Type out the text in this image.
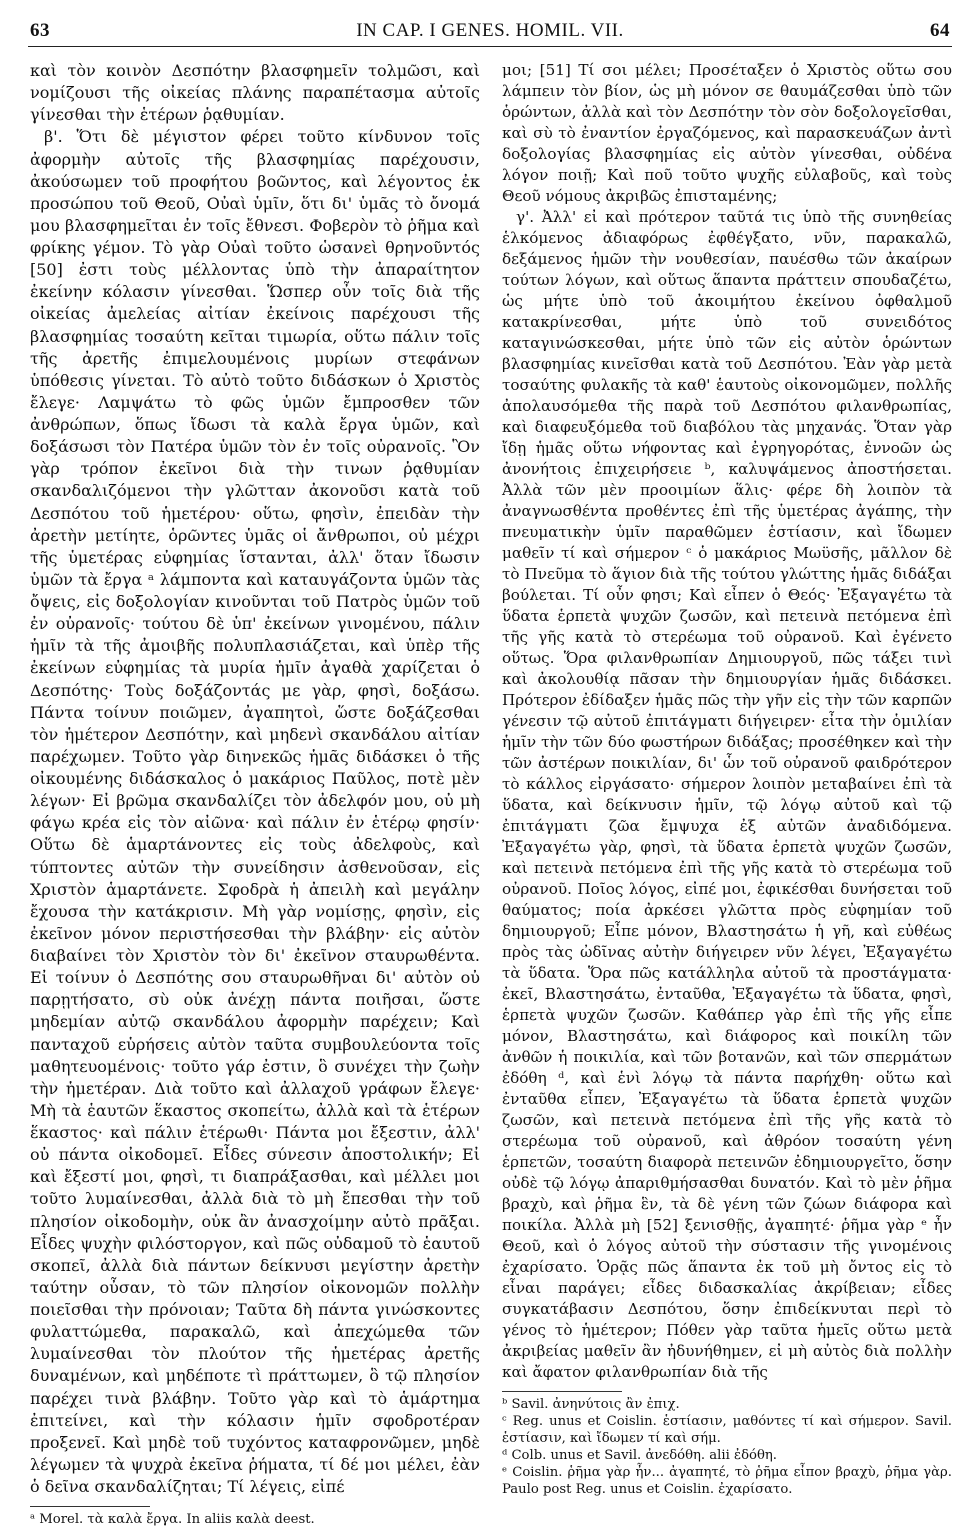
63	IN CAP. I GENES. HOMIL. VII.	64

καὶ τὸν κοινὸν Δεσπότην βλασφημεῖν τολμῶσι, καὶ νομίζουσι τῆς οἰκείας πλάνης παραπέτασμα αὐτοῖς γίνεσθαι τὴν ἑτέρων ῥᾳθυμίαν.

β'. Ὅτι δὲ μέγιστον φέρει τοῦτο κίνδυνον τοῖς ἀφορμὴν αὐτοῖς τῆς βλασφημίας παρέχουσιν, ἀκούσωμεν τοῦ προφήτου βοῶντος, καὶ λέγοντος ἐκ προσώπου τοῦ Θεοῦ, Οὐαὶ ὑμῖν, ὅτι δι' ὑμᾶς τὸ ὄνομά μου βλασφημεῖται ἐν τοῖς ἔθνεσι. Φοβερὸν τὸ ῥῆμα καὶ φρίκης γέμον. Τὸ γὰρ Οὐαὶ τοῦτο ὡσανεὶ θρηνοῦντός [50] ἐστι τοὺς μέλλοντας ὑπὸ τὴν ἀπαραίτητον ἐκείνην κόλασιν γίνεσθαι. Ὥσπερ οὖν τοῖς διὰ τῆς οἰκείας ἀμελείας αἰτίαν ἐκείνοις παρέχουσι τῆς βλασφημίας τοσαύτη κεῖται τιμωρία, οὕτω πάλιν τοῖς τῆς ἀρετῆς ἐπιμελουμένοις μυρίων στεφάνων ὑπόθεσις γίνεται. Τὸ αὐτὸ τοῦτο διδάσκων ὁ Χριστὸς ἔλεγε· Λαμψάτω τὸ φῶς ὑμῶν ἔμπροσθεν τῶν ἀνθρώπων, ὅπως ἴδωσι τὰ καλὰ ἔργα ὑμῶν, καὶ δοξάσωσι τὸν Πατέρα ὑμῶν τὸν ἐν τοῖς οὐρανοῖς. Ὃν γὰρ τρόπον ἐκεῖνοι διὰ τὴν τινων ῥᾳθυμίαν σκανδαλιζόμενοι τὴν γλῶτταν ἀκονοῦσι κατὰ τοῦ Δεσπότου τοῦ ἡμετέρου· οὕτω, φησὶν, ἐπειδὰν τὴν ἀρετὴν μετίητε, ὁρῶντες ὑμᾶς οἱ ἄνθρωποι, οὐ μέχρι τῆς ὑμετέρας εὐφημίας ἵστανται, ἀλλ' ὅταν ἴδωσιν ὑμῶν τὰ ἔργα ᵃ λάμποντα καὶ καταυγάζοντα ὑμῶν τὰς ὄψεις, εἰς δοξολογίαν κινοῦνται τοῦ Πατρὸς ὑμῶν τοῦ ἐν οὐρανοῖς· τούτου δὲ ὑπ' ἐκείνων γινομένου, πάλιν ἡμῖν τὰ τῆς ἀμοιβῆς πολυπλασιάζεται, καὶ ὑπὲρ τῆς ἐκείνων εὐφημίας τὰ μυρία ἡμῖν ἀγαθὰ χαρίζεται ὁ Δεσπότης· Τοὺς δοξάζοντάς με γὰρ, φησὶ, δοξάσω. Πάντα τοίνυν ποιῶμεν, ἀγαπητοὶ, ὥστε δοξάζεσθαι τὸν ἡμέτερον Δεσπότην, καὶ μηδενὶ σκανδάλου αἰτίαν παρέχωμεν. Τοῦτο γὰρ διηνεκῶς ἡμᾶς διδάσκει ὁ τῆς οἰκουμένης διδάσκαλος ὁ μακάριος Παῦλος, ποτὲ μὲν λέγων· Εἰ βρῶμα σκανδαλίζει τὸν ἀδελφόν μου, οὐ μὴ φάγω κρέα εἰς τὸν αἰῶνα· καὶ πάλιν ἐν ἑτέρῳ φησίν· Οὕτω δὲ ἁμαρτάνοντες εἰς τοὺς ἀδελφοὺς, καὶ τύπτοντες αὐτῶν τὴν συνείδησιν ἀσθενοῦσαν, εἰς Χριστὸν ἁμαρτάνετε. Σφοδρὰ ἡ ἀπειλὴ καὶ μεγάλην ἔχουσα τὴν κατάκρισιν. Μὴ γὰρ νομίσῃς, φησὶν, εἰς ἐκεῖνον μόνον περιστήσεσθαι τὴν βλάβην· εἰς αὐτὸν διαβαίνει τὸν Χριστὸν τὸν δι' ἐκεῖνον σταυρωθέντα. Εἰ τοίνυν ὁ Δεσπότης σου σταυρωθῆναι δι' αὐτὸν οὐ παρῃτήσατο, σὺ οὐκ ἀνέχῃ πάντα ποιῆσαι, ὥστε μηδεμίαν αὐτῷ σκανδάλου ἀφορμὴν παρέχειν; Καὶ πανταχοῦ εὑρήσεις αὐτὸν ταῦτα συμβουλεύοντα τοῖς μαθητευομένοις· τοῦτο γάρ ἐστιν, ὃ συνέχει τὴν ζωὴν τὴν ἡμετέραν. Διὰ τοῦτο καὶ ἀλλαχοῦ γράφων ἔλεγε· Μὴ τὰ ἑαυτῶν ἕκαστος σκοπείτω, ἀλλὰ καὶ τὰ ἑτέρων ἕκαστος· καὶ πάλιν ἑτέρωθι· Πάντα μοι ἔξεστιν, ἀλλ' οὐ πάντα οἰκοδομεῖ. Εἶδες σύνεσιν ἀποστολικήν; Εἰ καὶ ἔξεστί μοι, φησὶ, τι διαπράξασθαι, καὶ μέλλει μοι τοῦτο λυμαίνεσθαι, ἀλλὰ διὰ τὸ μὴ ἔπεσθαι τὴν τοῦ πλησίον οἰκοδομὴν, οὐκ ἂν ἀνασχοίμην αὐτὸ πρᾶξαι. Εἶδες ψυχὴν φιλόστοργον, καὶ πῶς οὐδαμοῦ τὸ ἑαυτοῦ σκοπεῖ, ἀλλὰ διὰ πάντων δείκνυσι μεγίστην ἀρετὴν ταύτην οὖσαν, τὸ τῶν πλησίον οἰκονομῶν πολλὴν ποιεῖσθαι τὴν πρόνοιαν; Ταῦτα δὴ πάντα γινώσκοντες φυλαττώμεθα, παρακαλῶ, καὶ ἀπεχώμεθα τῶν λυμαίνεσθαι τὸν πλούτον τῆς ἡμετέρας ἀρετῆς δυναμένων, καὶ μηδέποτε τὶ πράττωμεν, ὃ τῷ πλησίον παρέχει τινὰ βλάβην. Τοῦτο γὰρ καὶ τὸ ἁμάρτημα ἐπιτείνει, καὶ τὴν κόλασιν ἡμῖν σφοδροτέραν προξενεῖ. Καὶ μηδὲ τοῦ τυχόντος καταφρονῶμεν, μηδὲ λέγωμεν τὰ ψυχρὰ ἐκεῖνα ῥήματα, τί δέ μοι μέλει, ἐὰν ὁ δεῖνα σκανδαλίζηται; Τί λέγεις, εἰπέ

ᵃ Morel. τὰ καλὰ ἔργα. In aliis καλὰ deest.

μοι; [51] Τί σοι μέλει; Προσέταξεν ὁ Χριστὸς οὕτω σου λάμπειν τὸν βίον, ὡς μὴ μόνον σε θαυμάζεσθαι ὑπὸ τῶν ὁρώντων, ἀλλὰ καὶ τὸν Δεσπότην τὸν σὸν δοξολογεῖσθαι, καὶ σὺ τὸ ἐναντίον ἐργαζόμενος, καὶ παρασκευάζων ἀντὶ δοξολογίας βλασφημίας εἰς αὐτὸν γίνεσθαι, οὐδένα λόγον ποιῇ; Καὶ ποῦ τοῦτο ψυχῆς εὐλαβοῦς, καὶ τοὺς Θεοῦ νόμους ἀκριβῶς ἐπισταμένης;

γ'. Ἀλλ' εἰ καὶ πρότερον ταῦτά τις ὑπὸ τῆς συνηθείας ἑλκόμενος ἀδιαφόρως ἐφθέγξατο, νῦν, παρακαλῶ, δεξάμενος ἡμῶν τὴν νουθεσίαν, παυέσθω τῶν ἀκαίρων τούτων λόγων, καὶ οὕτως ἅπαντα πράττειν σπουδαζέτω, ὡς μήτε ὑπὸ τοῦ ἀκοιμήτου ἐκείνου ὀφθαλμοῦ κατακρίνεσθαι, μήτε ὑπὸ τοῦ συνειδότος καταγινώσκεσθαι, μήτε ὑπὸ τῶν εἰς αὐτὸν ὁρώντων βλασφημίας κινεῖσθαι κατὰ τοῦ Δεσπότου. Ἐὰν γὰρ μετὰ τοσαύτης φυλακῆς τὰ καθ' ἑαυτοὺς οἰκονομῶμεν, πολλῆς ἀπολαυσόμεθα τῆς παρὰ τοῦ Δεσπότου φιλανθρωπίας, καὶ διαφευξόμεθα τοῦ διαβόλου τὰς μηχανάς. Ὅταν γὰρ ἴδῃ ἡμᾶς οὕτω νήφοντας καὶ ἐγρηγορότας, ἐννοῶν ὡς ἀνονήτοις ἐπιχειρήσειε ᵇ, καλυψάμενος ἀποστήσεται. Ἀλλὰ τῶν μὲν προοιμίων ἅλις· φέρε δὴ λοιπὸν τὰ ἀναγνωσθέντα προθέντες ἐπὶ τῆς ὑμετέρας ἀγάπης, τὴν πνευματικὴν ὑμῖν παραθῶμεν ἑστίασιν, καὶ ἴδωμεν μαθεῖν τί καὶ σήμερον ᶜ ὁ μακάριος Μωϋσῆς, μᾶλλον δὲ τὸ Πνεῦμα τὸ ἅγιον διὰ τῆς τούτου γλώττης ἡμᾶς διδάξαι βούλεται. Τί οὖν φησι; Καὶ εἶπεν ὁ Θεός· Ἐξαγαγέτω τὰ ὕδατα ἑρπετὰ ψυχῶν ζωσῶν, καὶ πετεινὰ πετόμενα ἐπὶ τῆς γῆς κατὰ τὸ στερέωμα τοῦ οὐρανοῦ. Καὶ ἐγένετο οὕτως. Ὅρα φιλανθρωπίαν Δημιουργοῦ, πῶς τάξει τινὶ καὶ ἀκολουθίᾳ πᾶσαν τὴν δημιουργίαν ἡμᾶς διδάσκει. Πρότερον ἐδίδαξεν ἡμᾶς πῶς τὴν γῆν εἰς τὴν τῶν καρπῶν γένεσιν τῷ αὐτοῦ ἐπιτάγματι διήγειρεν· εἶτα τὴν ὁμιλίαν ἡμῖν τὴν τῶν δύο φωστήρων διδάξας; προσέθηκεν καὶ τὴν τῶν ἀστέρων ποικιλίαν, δι' ὧν τοῦ οὐρανοῦ φαιδρότερον τὸ κάλλος εἰργάσατο· σήμερον λοιπὸν μεταβαίνει ἐπὶ τὰ ὕδατα, καὶ δείκνυσιν ἡμῖν, τῷ λόγῳ αὐτοῦ καὶ τῷ ἐπιτάγματι ζῶα ἔμψυχα ἐξ αὐτῶν ἀναδιδόμενα. Ἐξαγαγέτω γὰρ, φησὶ, τὰ ὕδατα ἑρπετὰ ψυχῶν ζωσῶν, καὶ πετεινὰ πετόμενα ἐπὶ τῆς γῆς κατὰ τὸ στερέωμα τοῦ οὐρανοῦ. Ποῖος λόγος, εἰπέ μοι, ἐφικέσθαι δυνήσεται τοῦ θαύματος; ποία ἀρκέσει γλῶττα πρὸς εὐφημίαν τοῦ δημιουργοῦ; Εἶπε μόνον, Βλαστησάτω ἡ γῆ, καὶ εὐθέως πρὸς τὰς ὠδῖνας αὐτὴν διήγειρεν νῦν λέγει, Ἐξαγαγέτω τὰ ὕδατα. Ὅρα πῶς κατάλληλα αὐτοῦ τὰ προστάγματα· ἐκεῖ, Βλαστησάτω, ἐνταῦθα, Ἐξαγαγέτω τὰ ὕδατα, φησὶ, ἑρπετὰ ψυχῶν ζωσῶν. Καθάπερ γὰρ ἐπὶ τῆς γῆς εἶπε μόνον, Βλαστησάτω, καὶ διάφορος καὶ ποικίλη τῶν ἀνθῶν ἡ ποικιλία, καὶ τῶν βοτανῶν, καὶ τῶν σπερμάτων ἐδόθη ᵈ, καὶ ἑνὶ λόγῳ τὰ πάντα παρήχθη· οὕτω καὶ ἐνταῦθα εἶπεν, Ἐξαγαγέτω τὰ ὕδατα ἑρπετὰ ψυχῶν ζωσῶν, καὶ πετεινὰ πετόμενα ἐπὶ τῆς γῆς κατὰ τὸ στερέωμα τοῦ οὐρανοῦ, καὶ ἀθρόον τοσαύτη γένη ἑρπετῶν, τοσαύτη διαφορὰ πετεινῶν ἐδημιουργεῖτο, ὅσην οὐδὲ τῷ λόγῳ ἀπαριθμήσασθαι δυνατόν. Καὶ τὸ μὲν ῥῆμα βραχὺ, καὶ ῥῆμα ἓν, τὰ δὲ γένη τῶν ζώων διάφορα καὶ ποικίλα. Ἀλλὰ μὴ [52] ξενισθῇς, ἀγαπητέ· ῥῆμα γὰρ ᵉ ἦν Θεοῦ, καὶ ὁ λόγος αὐτοῦ τὴν σύστασιν τῆς γινομένοις ἐχαρίσατο. Ὁρᾷς πῶς ἅπαντα ἐκ τοῦ μὴ ὄντος εἰς τὸ εἶναι παράγει; εἶδες διδασκαλίας ἀκρίβειαν; εἶδες συγκατάβασιν Δεσπότου, ὅσην ἐπιδείκνυται περὶ τὸ γένος τὸ ἡμέτερον; Πόθεν γὰρ ταῦτα ἡμεῖς οὕτω μετὰ ἀκριβείας μαθεῖν ἂν ἠδυνήθημεν, εἰ μὴ αὐτὸς διὰ πολλὴν καὶ ἄφατον φιλανθρωπίαν διὰ τῆς

ᵇ Savil. ἀνηνύτοις ἂν ἐπιχ.
ᶜ Reg. unus et Coislin. ἑστίασιν, μαθόντες τί καὶ σήμερον. Savil. ἑστίασιν, καὶ ἴδωμεν τί καὶ σήμ.
ᵈ Colb. unus et Savil. ἀνεδόθη. alii ἐδόθη.
ᵉ Coislin. ῥῆμα γὰρ ἦν... ἀγαπητέ, τὸ ῥῆμα εἶπον βραχὺ, ῥῆμα γὰρ. Paulo post Reg. unus et Coislin. ἐχαρίσατο.
